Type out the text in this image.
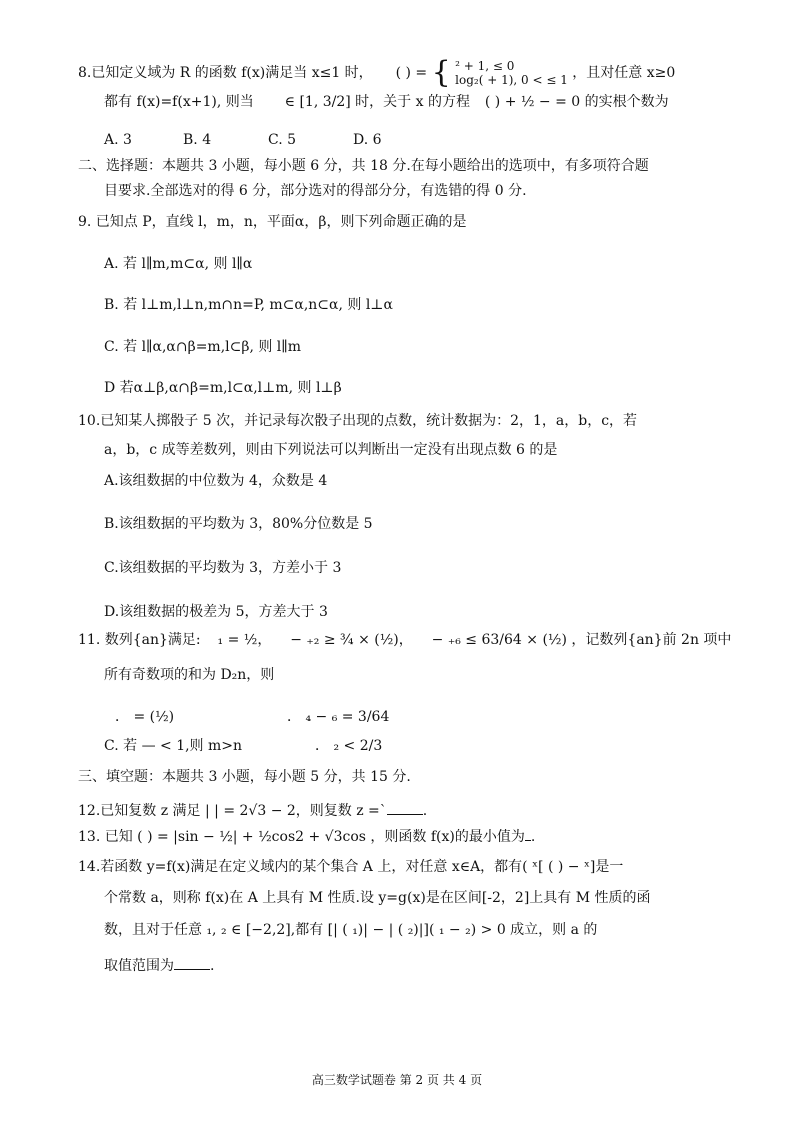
8.已知定义域为 R 的函数 f(x)满足当 x≤1 时， ( ) = { ² + 1, ≤ 0
log₂( + 1), 0 < ≤ 1 ，且对任意 x≥0
都有 f(x)=f(x+1), 则当 ∈ [1, 3/2] 时，关于 x 的方程 ( ) + ½ − = 0 的实根个数为
A. 3	B. 4	C. 5	D. 6
二、选择题：本题共 3 小题，每小题 6 分，共 18 分.在每小题给出的选项中，有多项符合题
目要求.全部选对的得 6 分，部分选对的得部分分，有选错的得 0 分.
9. 已知点 P，直线 l，m，n，平面α，β，则下列命题正确的是
A. 若 l∥m,m⊂α, 则 l∥α
B. 若 l⊥m,l⊥n,m∩n=P, m⊂α,n⊂α, 则 l⊥α
C. 若 l∥α,α∩β=m,l⊂β, 则 l∥m
D 若α⊥β,α∩β=m,l⊂α,l⊥m, 则 l⊥β
10.已知某人掷骰子 5 次，并记录每次骰子出现的点数，统计数据为：2，1，a，b，c，若
a，b，c 成等差数列，则由下列说法可以判断出一定没有出现点数 6 的是
A.该组数据的中位数为 4，众数是 4
B.该组数据的平均数为 3，80%分位数是 5
C.该组数据的平均数为 3，方差小于 3
D.该组数据的极差为 5，方差大于 3
11. 数列{an}满足: ₁ = ½， − ₊₂ ≥ ¾ × (½)， − ₊₆ ≤ 63/64 × (½) ，记数列{an}前 2n 项中
所有奇数项的和为 D₂n，则
． = (½)	． ₄ − ₆ = 3/64
C. 若 — < 1,则 m>n	． ₂ < 2/3
三、填空题：本题共 3 小题，每小题 5 分，共 15 分.
12.已知复数 z 满足 | | = 2√3 − 2，则复数 z =`	.
13. 已知 ( ) = |sin − ½| + ½cos2 + √3cos ，则函数 f(x)的最小值为 .
14.若函数 y=f(x)满足在定义域内的某个集合 A 上，对任意 x∈A，都有( ˣ[ ( ) − ˣ]是一
个常数 a，则称 f(x)在 A 上具有 M 性质.设 y=g(x)是在区间[-2，2]上具有 M 性质的函
数，且对于任意 ₁, ₂ ∈ [−2,2],都有 [| ( ₁)| − | ( ₂)|]( ₁ − ₂) > 0 成立，则 a 的
取值范围为	.
高三数学试题卷 第 2 页 共 4 页
